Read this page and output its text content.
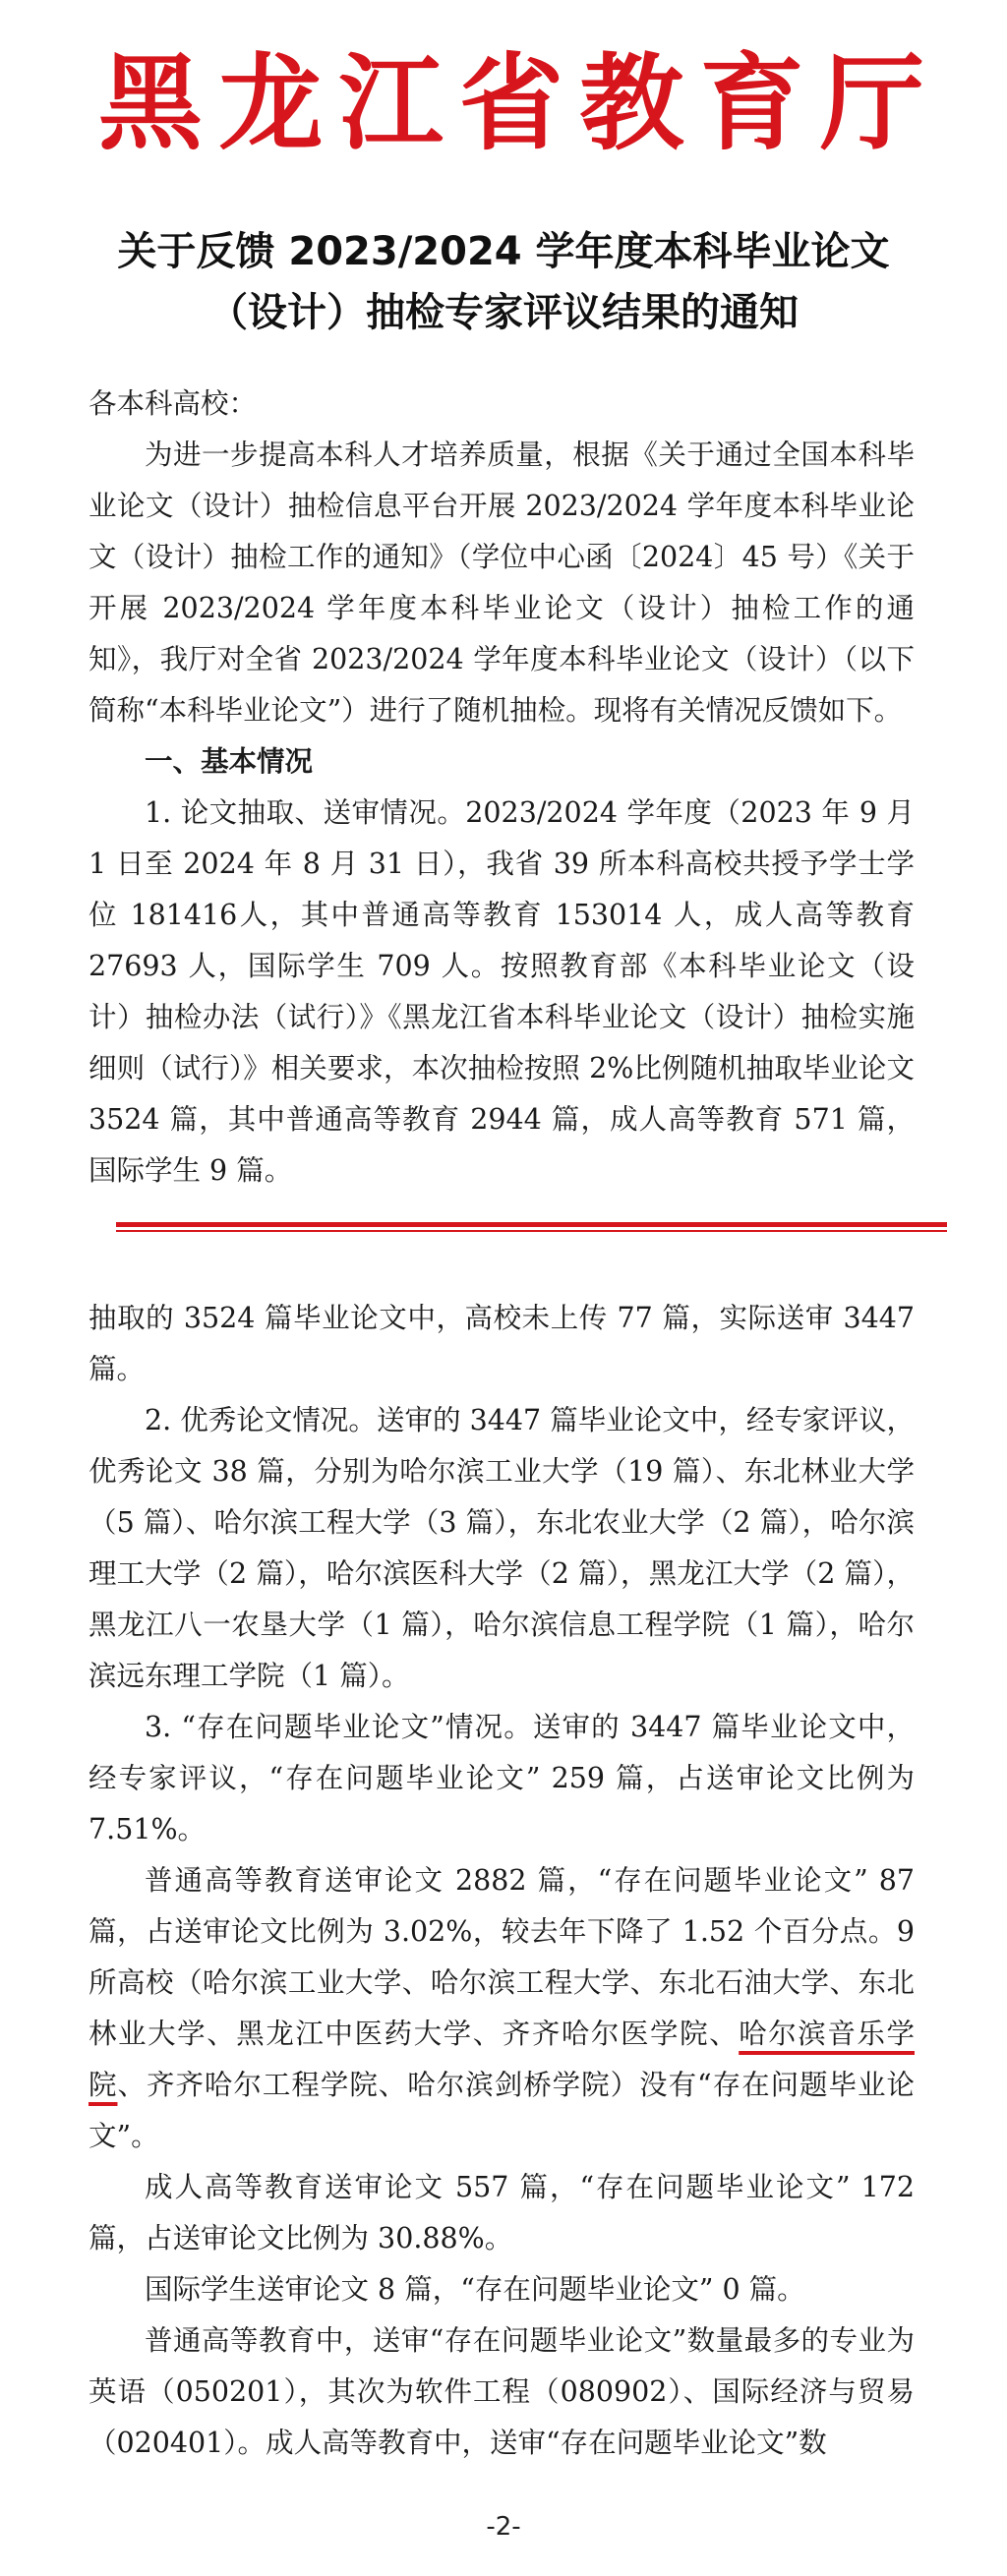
黑 龙 江 省 教 育 厅
关于反馈 2023/2024 学年度本科毕业论文
（设计）抽检专家评议结果的通知

各本科高校：

为进一步提高本科人才培养质量，根据《关于通过全国本科毕业论文（设计）抽检信息平台开展 2023/2024 学年度本科毕业论文（设计）抽检工作的通知》（学位中心函〔2024〕45 号）《关于开展 2023/2024 学年度本科毕业论文（设计）抽检工作的通知》，我厅对全省 2023/2024 学年度本科毕业论文（设计）（以下简称“本科毕业论文”）进行了随机抽检。现将有关情况反馈如下。

一、基本情况

1. 论文抽取、送审情况。2023/2024 学年度（2023 年 9 月 1 日至 2024 年 8 月 31 日），我省 39 所本科高校共授予学士学位 181416人，其中普通高等教育 153014 人，成人高等教育 27693 人，国际学生 709 人。按照教育部《本科毕业论文（设计）抽检办法（试行）》《黑龙江省本科毕业论文（设计）抽检实施细则（试行）》相关要求，本次抽检按照 2%比例随机抽取毕业论文 3524 篇，其中普通高等教育 2944 篇，成人高等教育 571 篇，国际学生 9 篇。

抽取的 3524 篇毕业论文中，高校未上传 77 篇，实际送审 3447 篇。

2. 优秀论文情况。送审的 3447 篇毕业论文中，经专家评议，优秀论文 38 篇，分别为哈尔滨工业大学（19 篇）、东北林业大学（5 篇）、哈尔滨工程大学（3 篇），东北农业大学（2 篇），哈尔滨理工大学（2 篇），哈尔滨医科大学（2 篇），黑龙江大学（2 篇），黑龙江八一农垦大学（1 篇），哈尔滨信息工程学院（1 篇），哈尔滨远东理工学院（1 篇）。

3. “存在问题毕业论文”情况。送审的 3447 篇毕业论文中，经专家评议，“存在问题毕业论文” 259 篇，占送审论文比例为 7.51%。

普通高等教育送审论文 2882 篇，“存在问题毕业论文” 87 篇，占送审论文比例为 3.02%，较去年下降了 1.52 个百分点。9 所高校（哈尔滨工业大学、哈尔滨工程大学、东北石油大学、东北林业大学、黑龙江中医药大学、齐齐哈尔医学院、哈尔滨音乐学院、齐齐哈尔工程学院、哈尔滨剑桥学院）没有“存在问题毕业论文”。

成人高等教育送审论文 557 篇，“存在问题毕业论文” 172 篇，占送审论文比例为 30.88%。

国际学生送审论文 8 篇，“存在问题毕业论文” 0 篇。

普通高等教育中，送审“存在问题毕业论文”数量最多的专业为英语（050201），其次为软件工程（080902）、国际经济与贸易（020401）。成人高等教育中，送审“存在问题毕业论文”数

-2-
